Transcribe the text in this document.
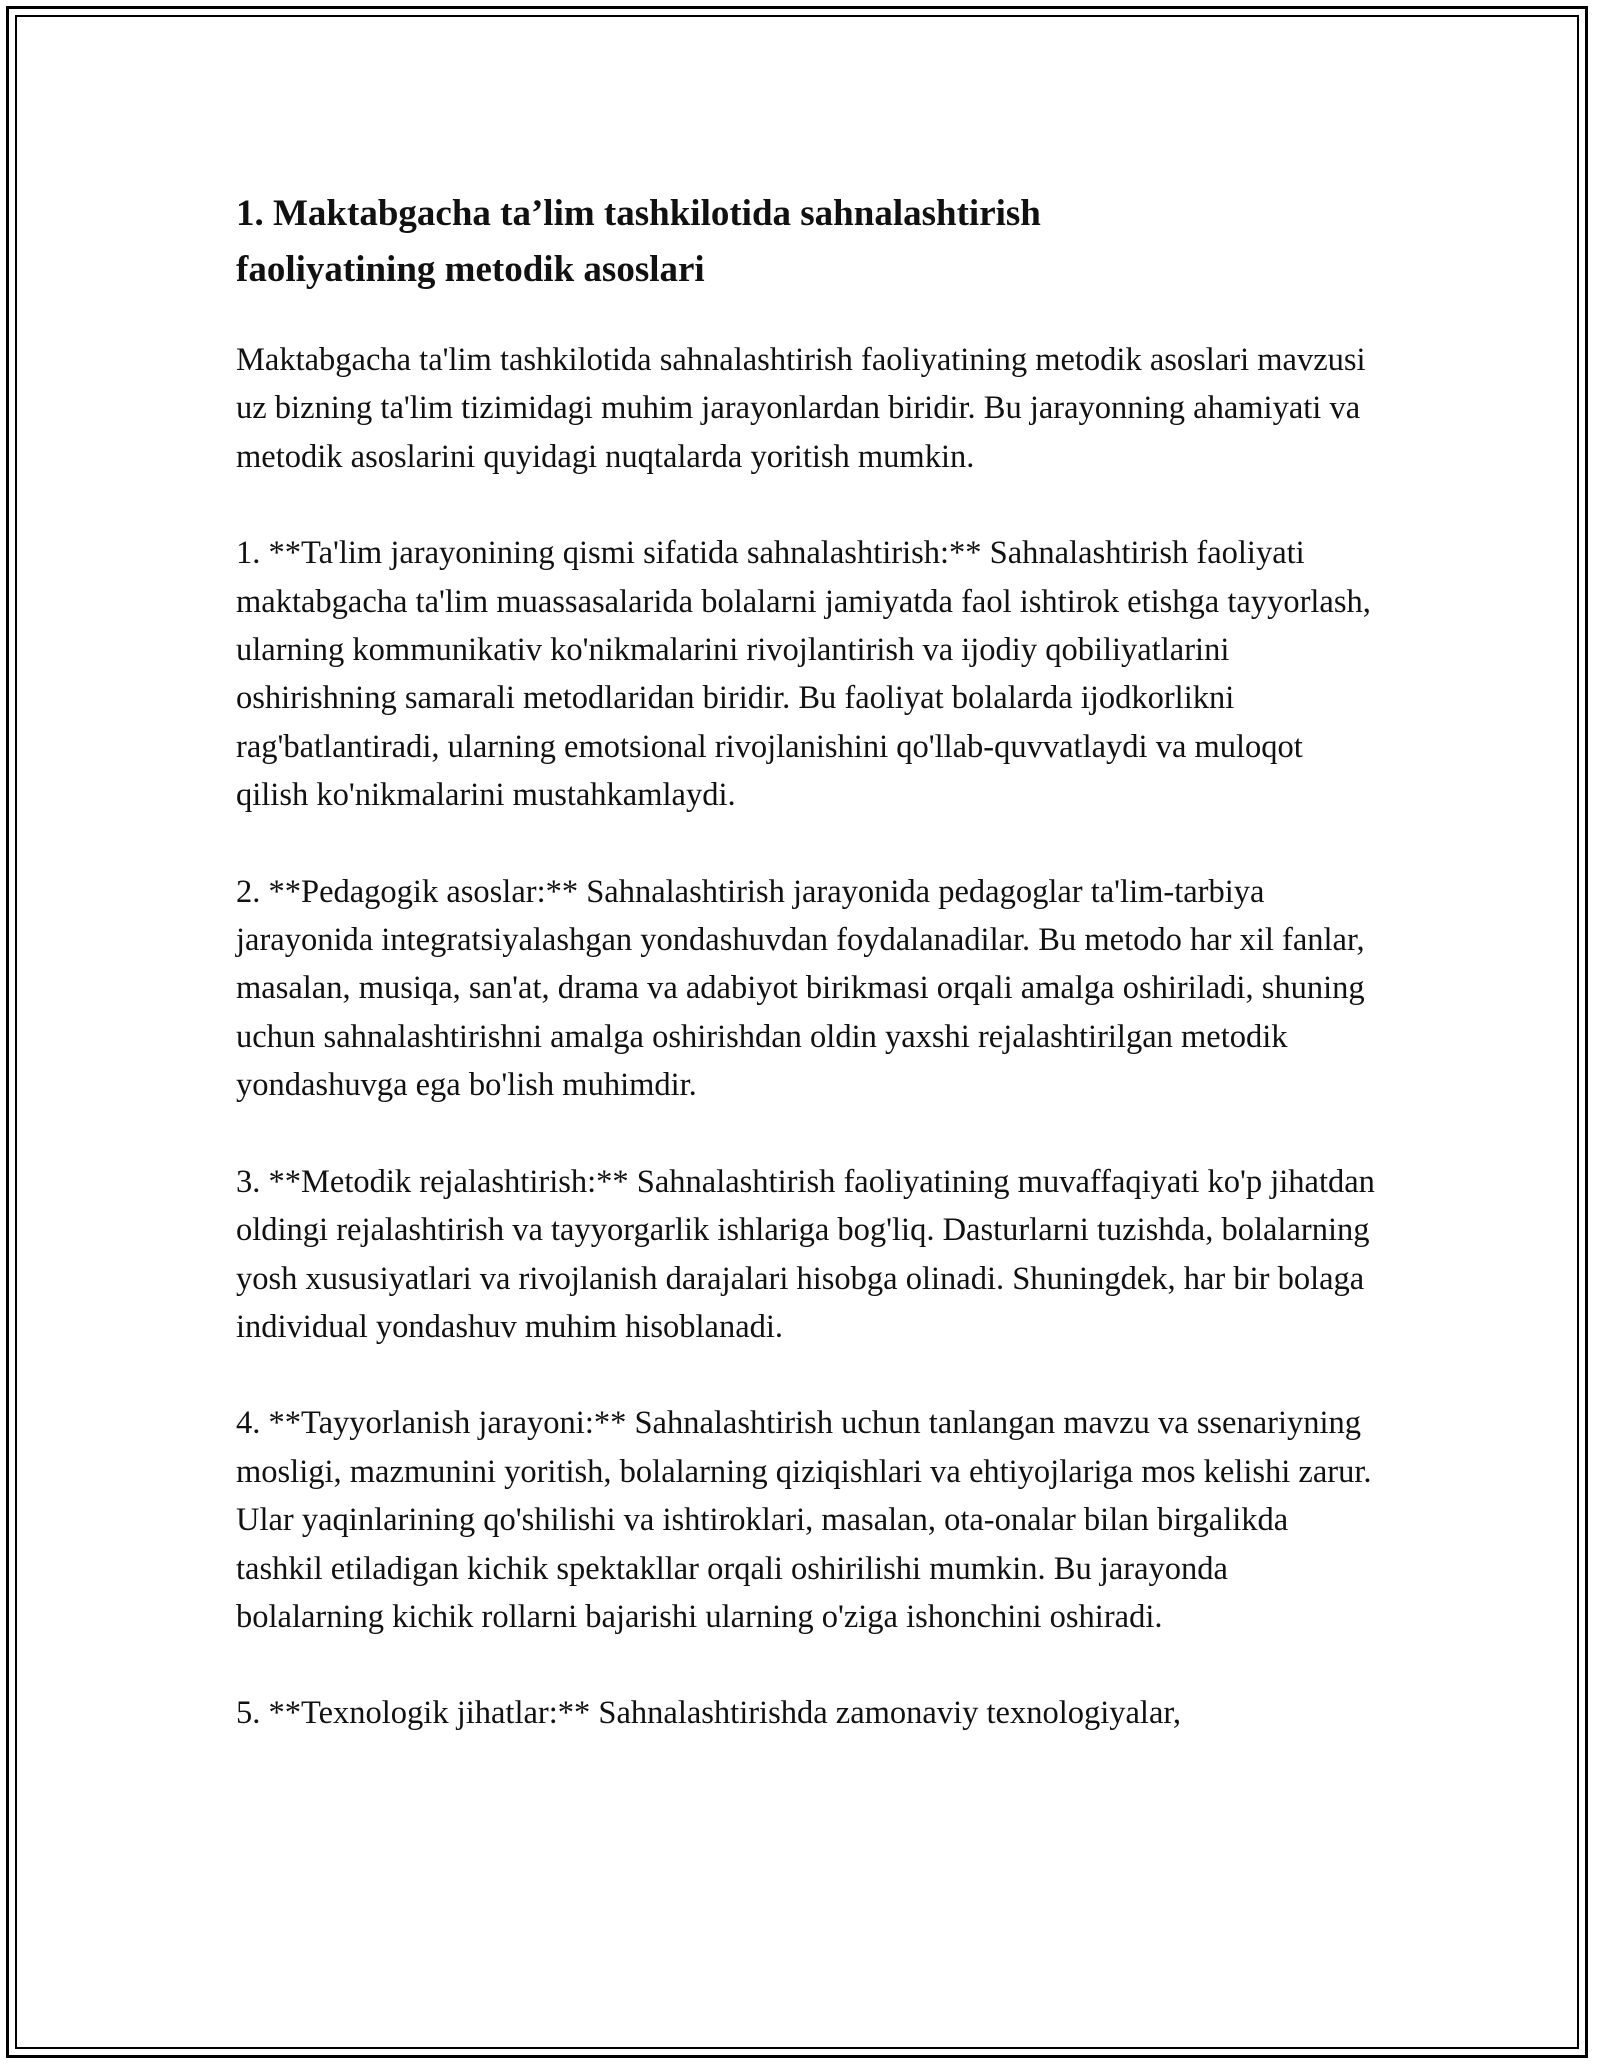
1. Maktabgacha ta’lim tashkilotida sahnalashtirish
faoliyatining metodik asoslari

Maktabgacha ta'lim tashkilotida sahnalashtirish faoliyatining metodik asoslari mavzusi uz bizning ta'lim tizimidagi muhim jarayonlardan biridir. Bu jarayonning ahamiyati va metodik asoslarini quyidagi nuqtalarda yoritish mumkin.

1. **Ta'lim jarayonining qismi sifatida sahnalashtirish:** Sahnalashtirish faoliyati maktabgacha ta'lim muassasalarida bolalarni jamiyatda faol ishtirok etishga tayyorlash, ularning kommunikativ ko'nikmalarini rivojlantirish va ijodiy qobiliyatlarini oshirishning samarali metodlaridan biridir. Bu faoliyat bolalarda ijodkorlikni rag'batlantiradi, ularning emotsional rivojlanishini qo'llab-quvvatlaydi va muloqot qilish ko'nikmalarini mustahkamlaydi.

2. **Pedagogik asoslar:** Sahnalashtirish jarayonida pedagoglar ta'lim-tarbiya jarayonida integratsiyalashgan yondashuvdan foydalanadilar. Bu metodo har xil fanlar, masalan, musiqa, san'at, drama va adabiyot birikmasi orqali amalga oshiriladi, shuning uchun sahnalashtirishni amalga oshirishdan oldin yaxshi rejalashtirilgan metodik yondashuvga ega bo'lish muhimdir.

3. **Metodik rejalashtirish:** Sahnalashtirish faoliyatining muvaffaqiyati ko'p jihatdan oldingi rejalashtirish va tayyorgarlik ishlariga bog'liq. Dasturlarni tuzishda, bolalarning yosh xususiyatlari va rivojlanish darajalari hisobga olinadi. Shuningdek, har bir bolaga individual yondashuv muhim hisoblanadi.

4. **Tayyorlanish jarayoni:** Sahnalashtirish uchun tanlangan mavzu va ssenariyning mosligi, mazmunini yoritish, bolalarning qiziqishlari va ehtiyojlariga mos kelishi zarur. Ular yaqinlarining qo'shilishi va ishtiroklari, masalan, ota-onalar bilan birgalikda tashkil etiladigan kichik spektakllar orqali oshirilishi mumkin. Bu jarayonda bolalarning kichik rollarni bajarishi ularning o'ziga ishonchini oshiradi.

5. **Texnologik jihatlar:** Sahnalashtirishda zamonaviy texnologiyalar,
